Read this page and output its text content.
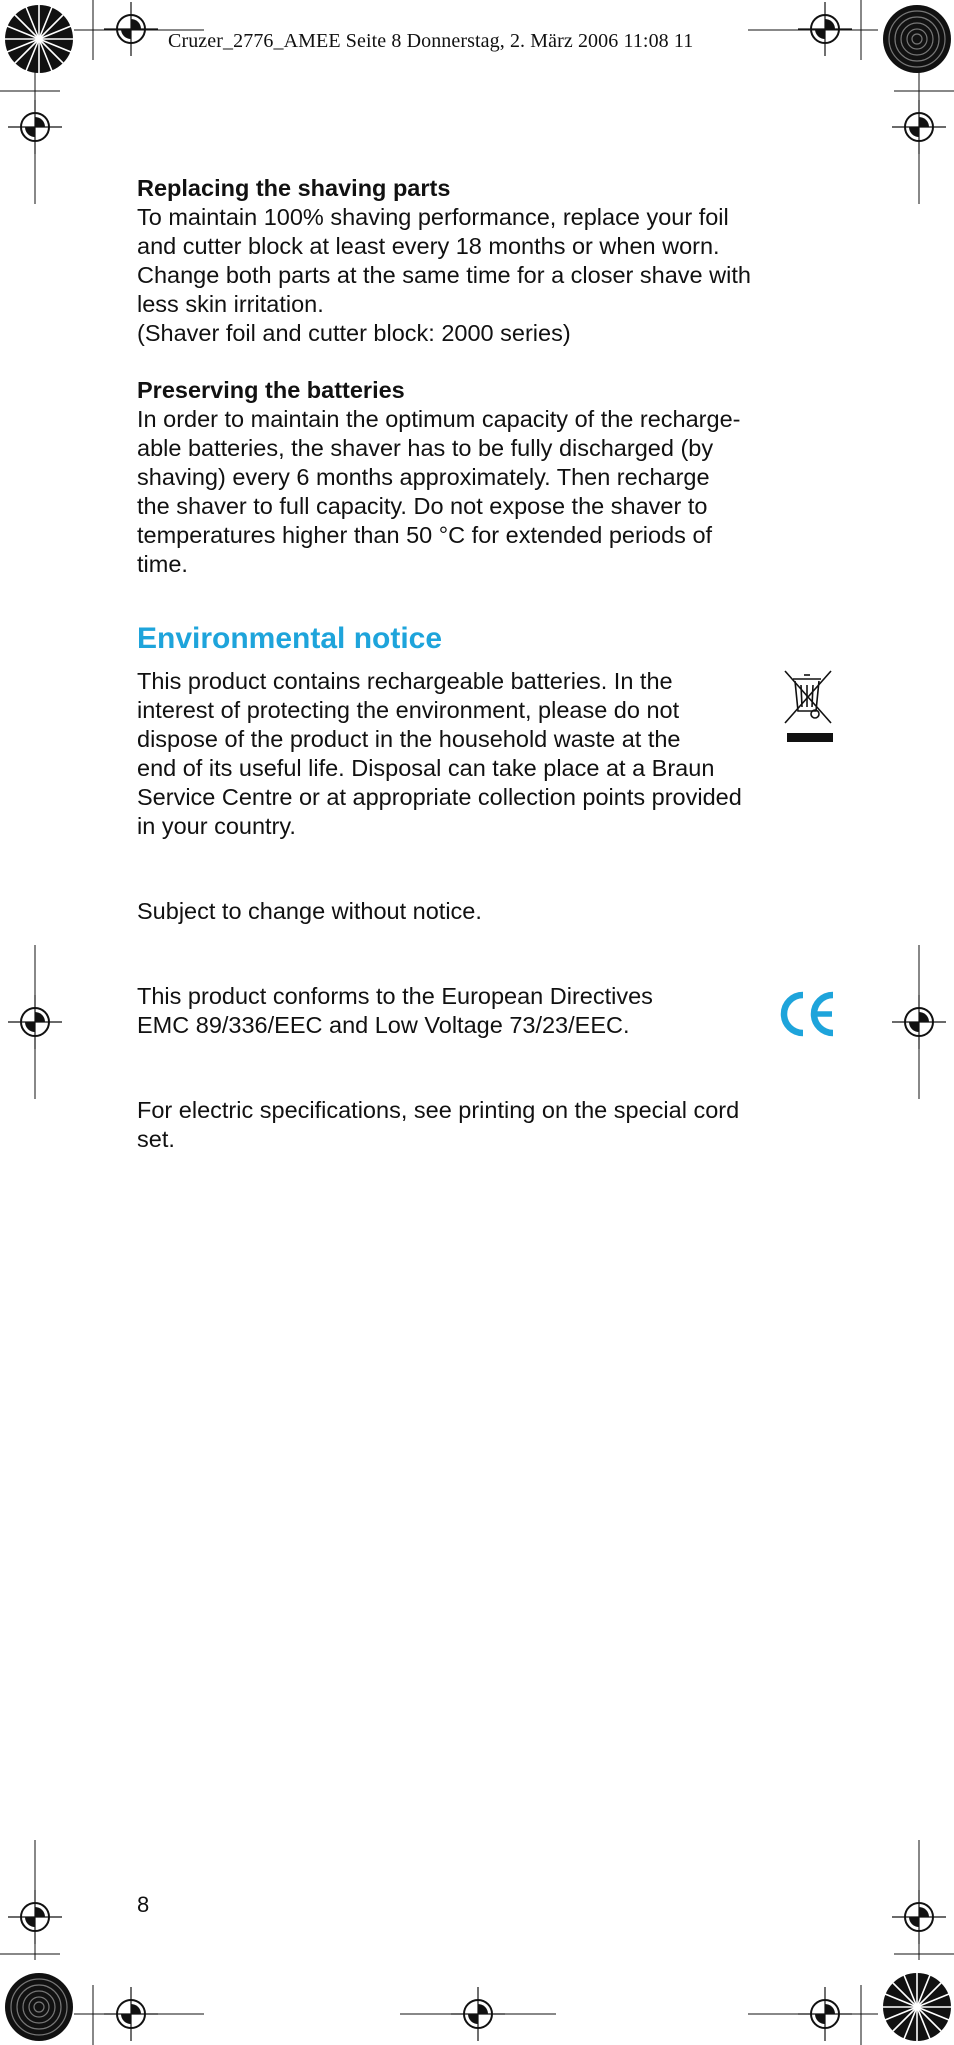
Cruzer_2776_AMEE Seite 8 Donnerstag, 2. März 2006 11:08 11

Replacing the shaving parts

To maintain 100% shaving performance, replace your foil
and cutter block at least every 18 months or when worn.
Change both parts at the same time for a closer shave with
less skin irritation.
(Shaver foil and cutter block: 2000 series)

Preserving the batteries

In order to maintain the optimum capacity of the recharge-
able batteries, the shaver has to be fully discharged (by
shaving) every 6 months approximately. Then recharge
the shaver to full capacity. Do not expose the shaver to
temperatures higher than 50 °C for extended periods of
time.

Environmental notice

This product contains rechargeable batteries. In the
interest of protecting the environment, please do not
dispose of the product in the household waste at the
end of its useful life. Disposal can take place at a Braun
Service Centre or at appropriate collection points provided
in your country.

Subject to change without notice.

This product conforms to the European Directives
EMC 89/336/EEC and Low Voltage 73/23/EEC.

For electric specifications, see printing on the special cord
set.

8
